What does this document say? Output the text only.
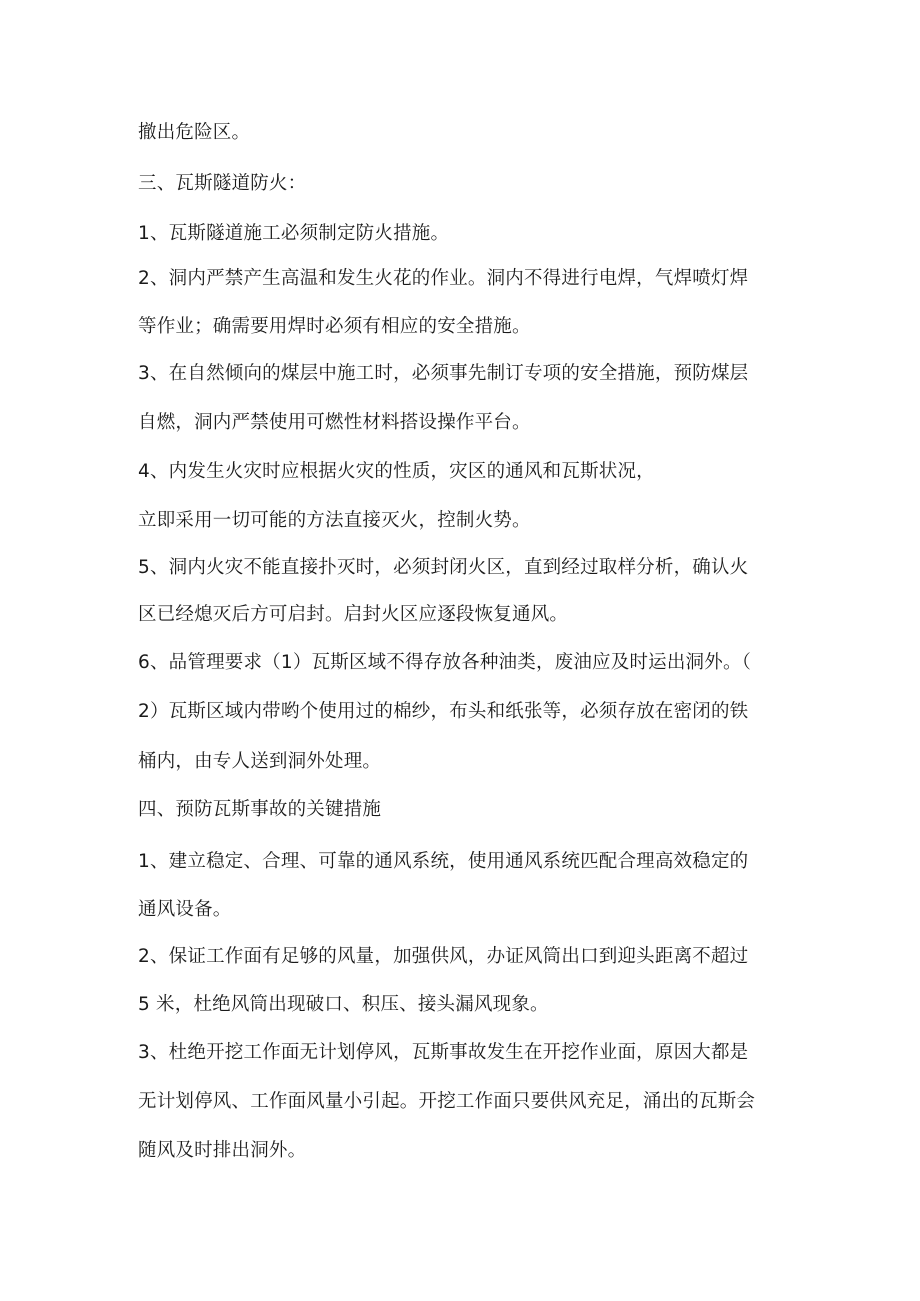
撤出危险区。
三、瓦斯隧道防火：
1、瓦斯隧道施工必须制定防火措施。
2、洞内严禁产生高温和发生火花的作业。洞内不得进行电焊，气焊喷灯焊
等作业；确需要用焊时必须有相应的安全措施。
3、在自然倾向的煤层中施工时，必须事先制订专项的安全措施，预防煤层
自燃，洞内严禁使用可燃性材料搭设操作平台。
4、内发生火灾时应根据火灾的性质，灾区的通风和瓦斯状况，
立即采用一切可能的方法直接灭火，控制火势。
5、洞内火灾不能直接扑灭时，必须封闭火区，直到经过取样分析，确认火
区已经熄灭后方可启封。启封火区应逐段恢复通风。
6、品管理要求（1）瓦斯区域不得存放各种油类，废油应及时运出洞外。（
2）瓦斯区域内带哟个使用过的棉纱，布头和纸张等，必须存放在密闭的铁
桶内，由专人送到洞外处理。
四、预防瓦斯事故的关键措施
1、建立稳定、合理、可靠的通风系统，使用通风系统匹配合理高效稳定的
通风设备。
2、保证工作面有足够的风量，加强供风，办证风筒出口到迎头距离不超过
5 米，杜绝风筒出现破口、积压、接头漏风现象。
3、杜绝开挖工作面无计划停风，瓦斯事故发生在开挖作业面，原因大都是
无计划停风、工作面风量小引起。开挖工作面只要供风充足，涌出的瓦斯会
随风及时排出洞外。
